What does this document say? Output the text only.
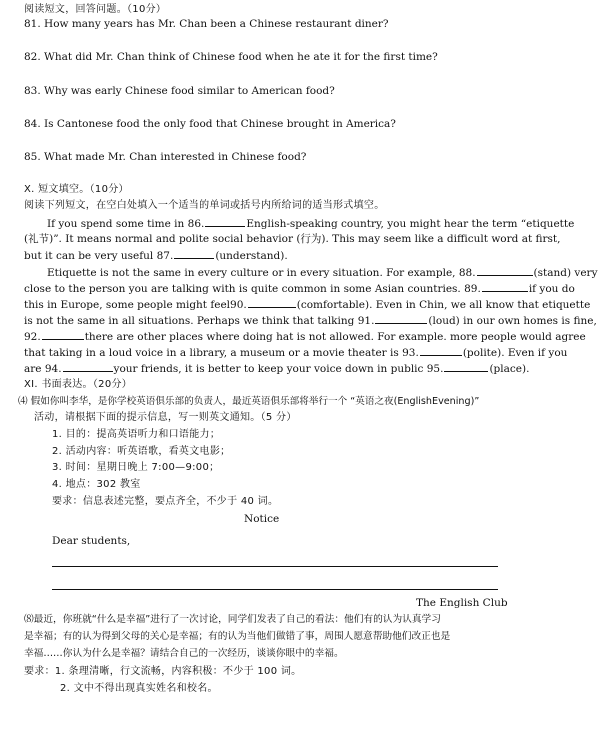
阅读短文，回答问题。（10分）
81. How many years has Mr. Chan been a Chinese restaurant diner?
82. What did Mr. Chan think of Chinese food when he ate it for the first time?
83. Why was early Chinese food similar to American food?
84. Is Cantonese food the only food that Chinese brought in America?
85. What made Mr. Chan interested in Chinese food?
X. 短文填空。（10分）
阅读下列短文，在空白处填入一个适当的单词或括号内所给词的适当形式填空。
If you spend some time in 86.	English-speaking country, you might hear the term “etiquette
(礼节)”. It means normal and polite social behavior (行为). This may seem like a difficult word at first,
but it can be very useful 87.	(understand).
Etiquette is not the same in every culture or in every situation. For example, 88.	(stand) very
close to the person you are talking with is quite common in some Asian countries. 89.	if you do
this in Europe, some people might feel90.	(comfortable). Even in Chin, we all know that etiquette
is not the same in all situations. Perhaps we think that talking 91.	(loud) in our own homes is fine,
92.	there are other places where doing hat is not allowed. For example. more people would agree
that taking in a loud voice in a library, a museum or a movie theater is 93.	(polite). Even if you
are 94.	your friends, it is better to keep your voice down in public 95.	(place).
XI. 书面表达。（20分）
⑷ 假如你叫李华，是你学校英语俱乐部的负责人，最近英语俱乐部将举行一个 “英语之夜(EnglishEvening)”
活动，请根据下面的提示信息，写一则英文通知。（5 分）
1. 目的：提高英语听力和口语能力；
2. 活动内容：听英语歌，看英文电影；
3. 时间：星期日晚上 7:00—9:00；
4. 地点：302 教室
要求：信息表述完整，要点齐全，不少于 40 词。
Notice
Dear students,
The English Club
⑻最近，你班就“什么是幸福”进行了一次讨论，同学们发表了自己的看法：他们有的认为认真学习
是幸福；有的认为得到父母的关心是幸福；有的认为当他们做错了事，周围人愿意帮助他们改正也是
幸福……你认为什么是幸福？请结合自己的一次经历，谈谈你眼中的幸福。
要求：1. 条理清晰，行文流畅，内容积极：不少于 100 词。
2. 文中不得出现真实姓名和校名。
